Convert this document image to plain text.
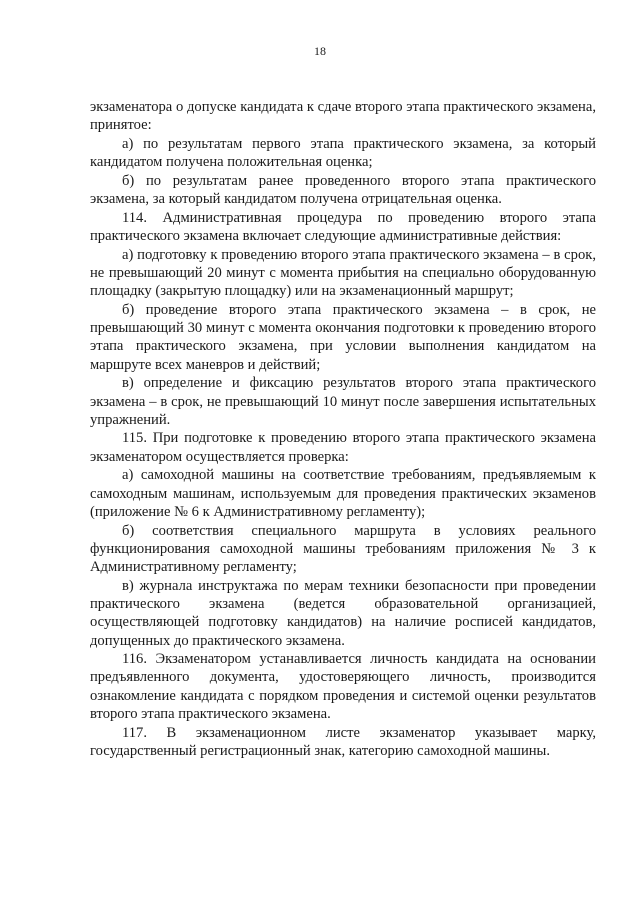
18

экзаменатора о допуске кандидата к сдаче второго этапа практического экзамена, принятое:

а) по результатам первого этапа практического экзамена, за который кандидатом получена положительная оценка;

б) по результатам ранее проведенного второго этапа практического экзамена, за который кандидатом получена отрицательная оценка.

114. Административная процедура по проведению второго этапа практического экзамена включает следующие административные действия:

а) подготовку к проведению второго этапа практического экзамена – в срок, не превышающий 20 минут с момента прибытия на специально оборудованную площадку (закрытую площадку) или на экзаменационный маршрут;

б) проведение второго этапа практического экзамена – в срок, не превышающий 30 минут с момента окончания подготовки к проведению второго этапа практического экзамена, при условии выполнения кандидатом на маршруте всех маневров и действий;

в) определение и фиксацию результатов второго этапа практического экзамена – в срок, не превышающий 10 минут после завершения испытательных упражнений.

115. При подготовке к проведению второго этапа практического экзамена экзаменатором осуществляется проверка:

а) самоходной машины на соответствие требованиям, предъявляемым к самоходным машинам, используемым для проведения практических экзаменов (приложение № 6 к Административному регламенту);

б) соответствия специального маршрута в условиях реального функционирования самоходной машины требованиям приложения № 3 к Административному регламенту;

в) журнала инструктажа по мерам техники безопасности при проведении практического экзамена (ведется образовательной организацией, осуществляющей подготовку кандидатов) на наличие росписей кандидатов, допущенных до практического экзамена.

116. Экзаменатором устанавливается личность кандидата на основании предъявленного документа, удостоверяющего личность, производится ознакомление кандидата с порядком проведения и системой оценки результатов второго этапа практического экзамена.

117. В экзаменационном листе экзаменатор указывает марку, государственный регистрационный знак, категорию самоходной машины.
